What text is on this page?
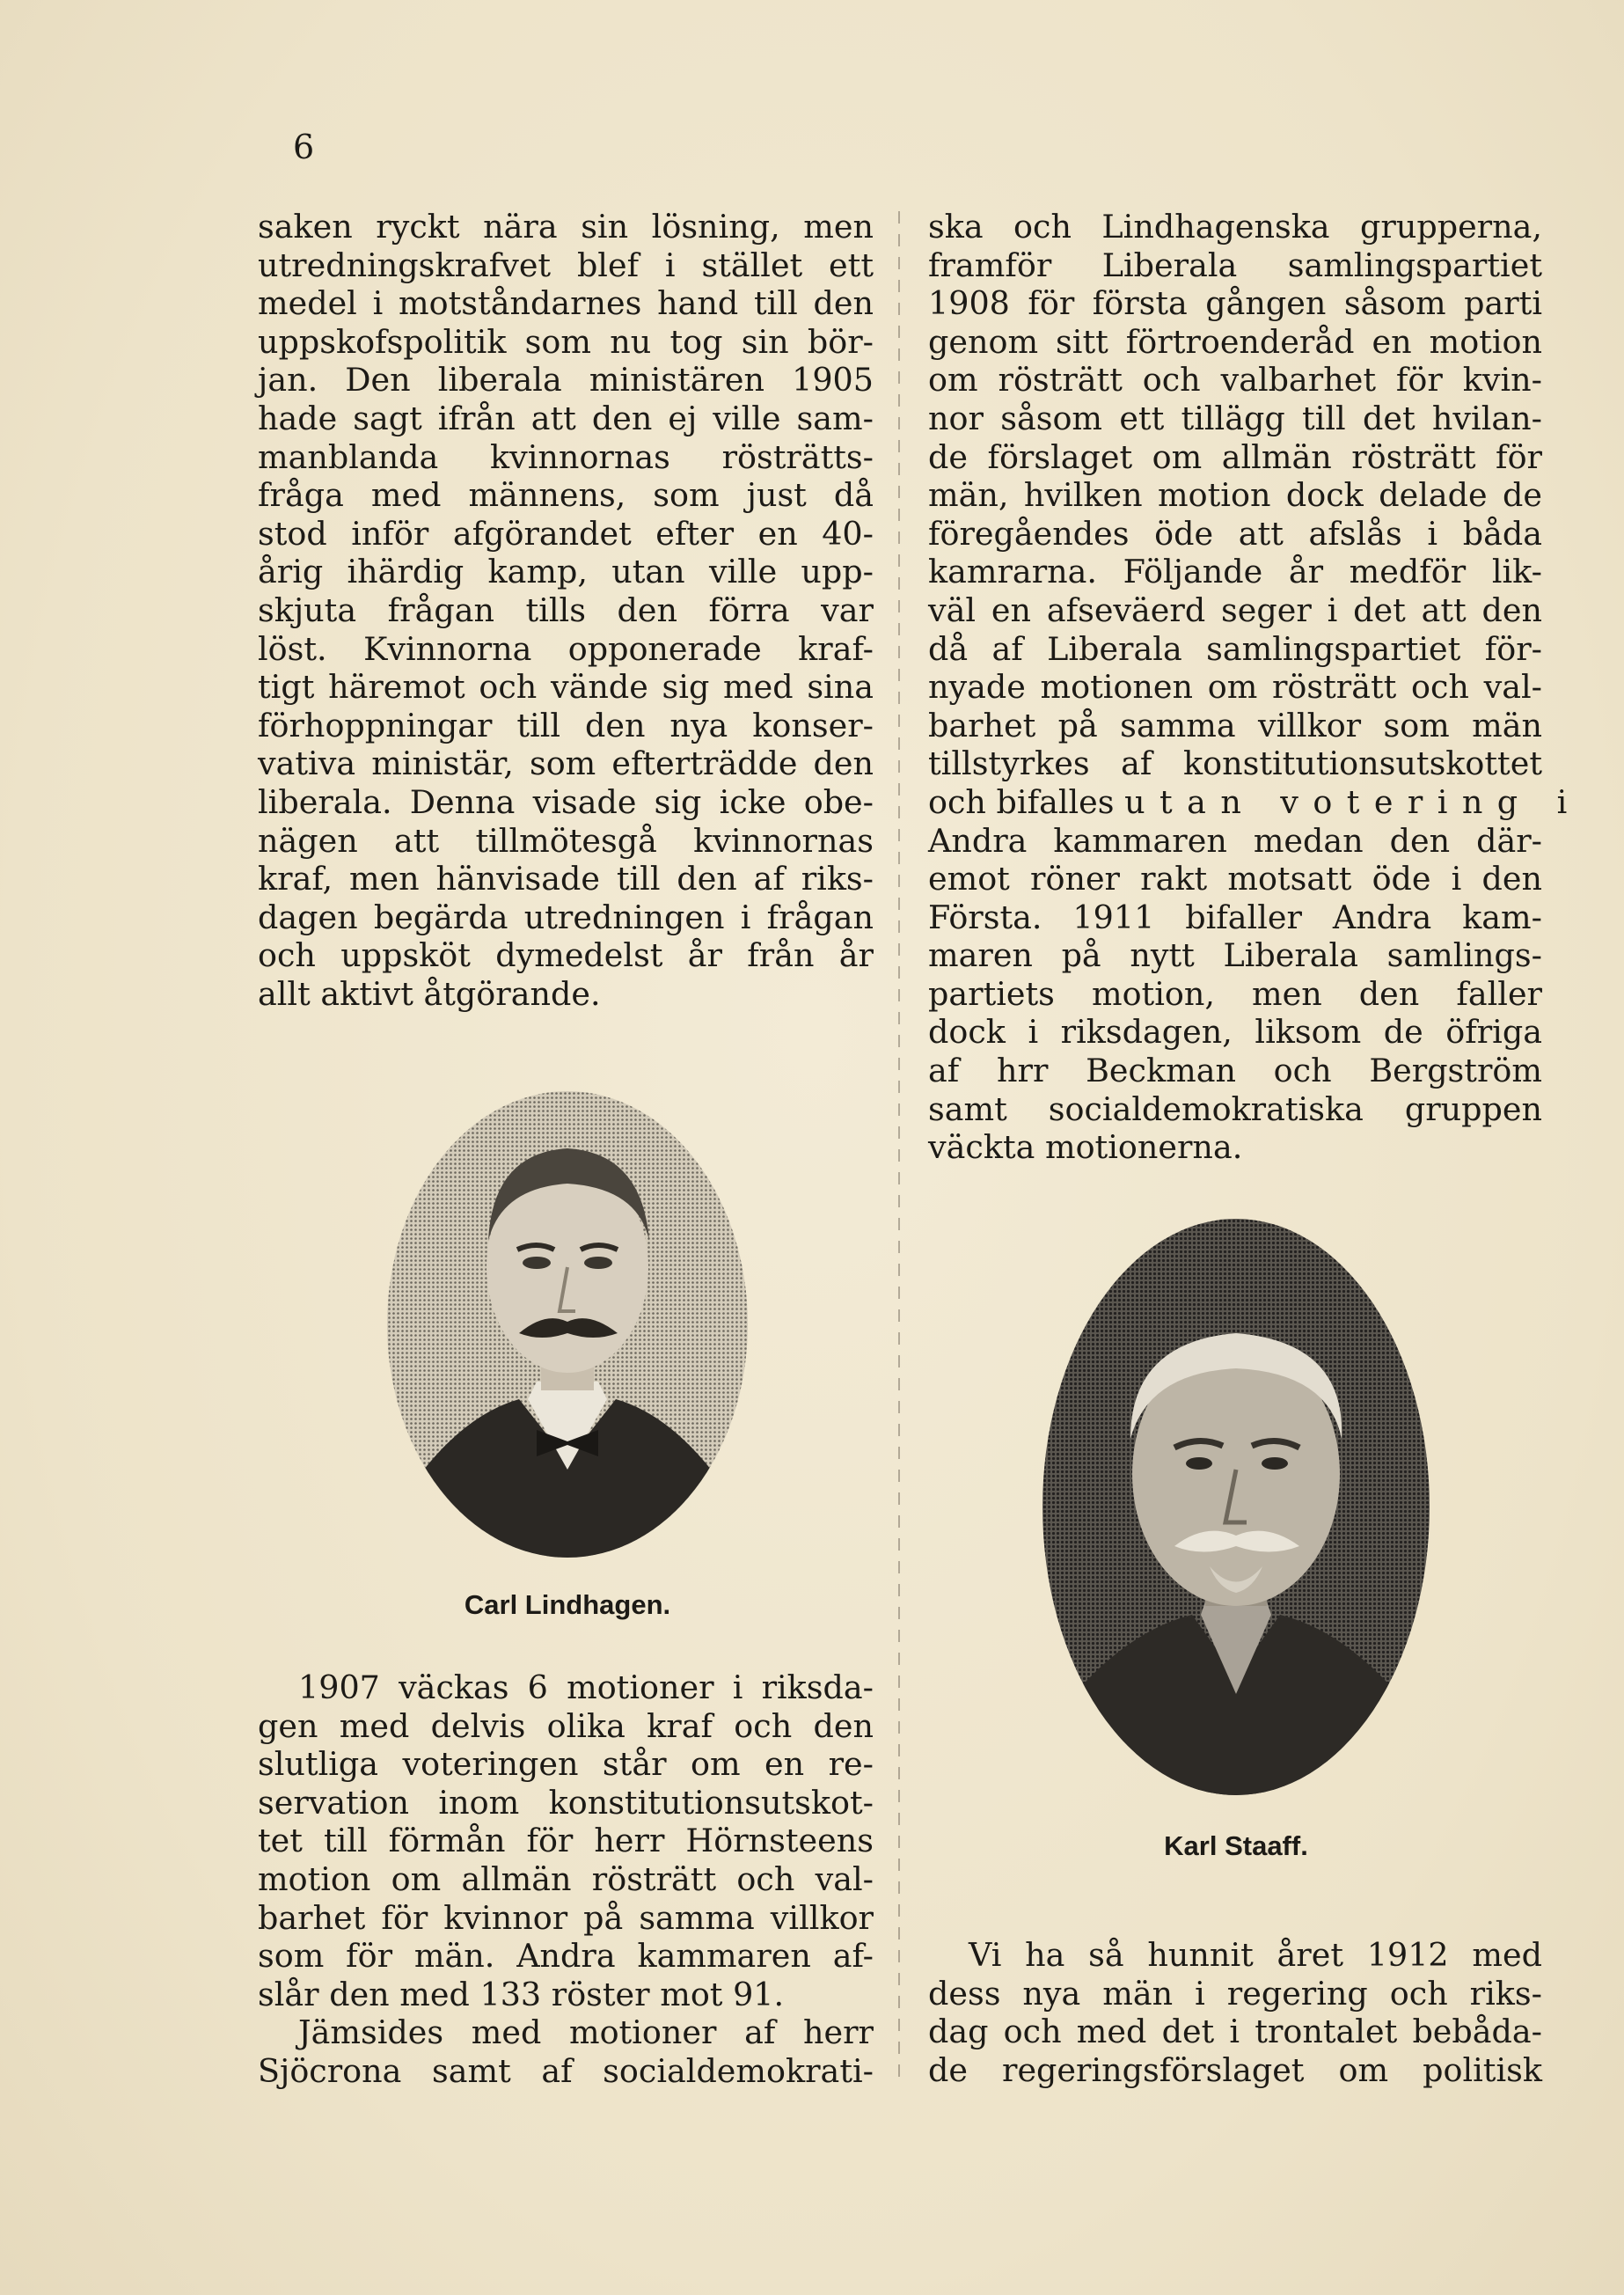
6
saken ryckt nära sin lösning, men
utredningskrafvet blef i stället ett
medel i motståndarnes hand till den
uppskofspolitik som nu tog sin bör-
jan. Den liberala ministären 1905
hade sagt ifrån att den ej ville sam-
manblanda kvinnornas rösträtts-
fråga med männens, som just då
stod inför afgörandet efter en 40-
årig ihärdig kamp, utan ville upp-
skjuta frågan tills den förra var
löst. Kvinnorna opponerade kraf-
tigt häremot och vände sig med sina
förhoppningar till den nya konser-
vativa ministär, som efterträdde den
liberala. Denna visade sig icke obe-
nägen att tillmötesgå kvinnornas
kraf, men hänvisade till den af riks-
dagen begärda utredningen i frågan
och uppsköt dymedelst år från år
allt aktivt åtgörande.
Carl Lindhagen.
1907 väckas 6 motioner i riksda-
gen med delvis olika kraf och den
slutliga voteringen står om en re-
servation inom konstitutionsutskot-
tet till förmån för herr Hörnsteens
motion om allmän rösträtt och val-
barhet för kvinnor på samma villkor
som för män. Andra kammaren af-
slår den med 133 röster mot 91.
Jämsides med motioner af herr
Sjöcrona samt af socialdemokrati-
ska och Lindhagenska grupperna,
framför Liberala samlingspartiet
1908 för första gången såsom parti
genom sitt förtroenderåd en motion
om rösträtt och valbarhet för kvin-
nor såsom ett tillägg till det hvilan-
de förslaget om allmän rösträtt för
män, hvilken motion dock delade de
föregåendes öde att afslås i båda
kamrarna. Följande år medför lik-
väl en afseväerd seger i det att den
då af Liberala samlingspartiet för-
nyade motionen om rösträtt och val-
barhet på samma villkor som män
tillstyrkes af konstitutionsutskottet
och bifalles utan votering i
Andra kammaren medan den där-
emot röner rakt motsatt öde i den
Första. 1911 bifaller Andra kam-
maren på nytt Liberala samlings-
partiets motion, men den faller
dock i riksdagen, liksom de öfriga
af hrr Beckman och Bergström
samt socialdemokratiska gruppen
väckta motionerna.
Karl Staaff.
Vi ha så hunnit året 1912 med
dess nya män i regering och riks-
dag och med det i trontalet bebåda-
de regeringsförslaget om politisk
